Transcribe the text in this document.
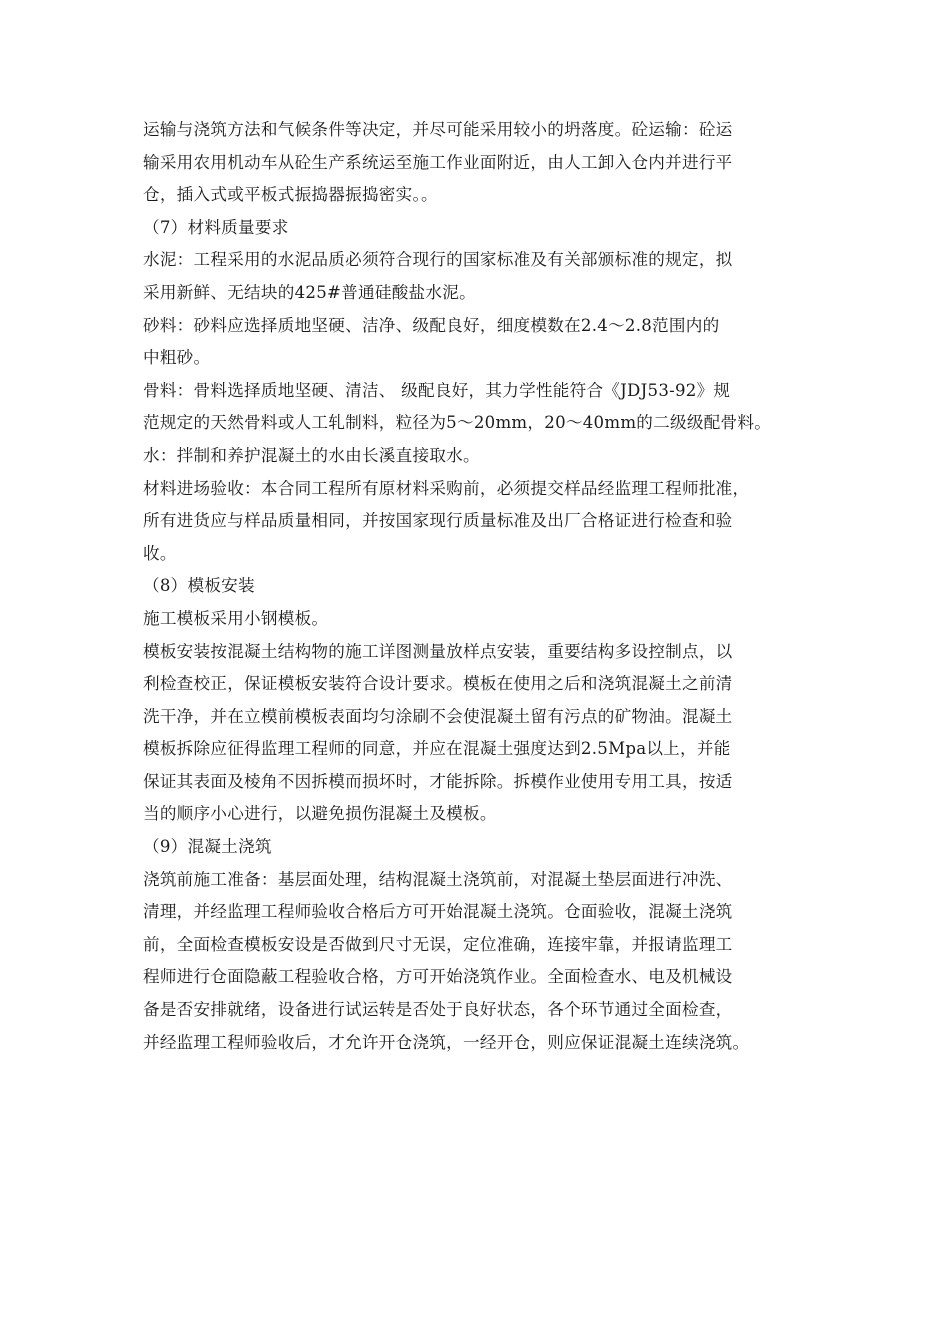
运输与浇筑方法和气候条件等决定，并尽可能采用较小的坍落度。砼运输：砼运
输采用农用机动车从砼生产系统运至施工作业面附近，由人工卸入仓内并进行平
仓，插入式或平板式振捣器振捣密实。。
（7）材料质量要求
水泥：工程采用的水泥品质必须符合现行的国家标准及有关部颁标准的规定，拟
采用新鲜、无结块的425#普通硅酸盐水泥。
砂料：砂料应选择质地坚硬、洁净、级配良好，细度模数在2.4～2.8范围内的
中粗砂。
骨料：骨料选择质地坚硬、清洁、 级配良好，其力学性能符合《JDJ53-92》规
范规定的天然骨料或人工轧制料，粒径为5～20mm，20～40mm的二级级配骨料。
水：拌制和养护混凝土的水由长溪直接取水。
材料进场验收：本合同工程所有原材料采购前，必须提交样品经监理工程师批准，
所有进货应与样品质量相同，并按国家现行质量标准及出厂合格证进行检查和验
收。
（8）模板安装
施工模板采用小钢模板。
模板安装按混凝土结构物的施工详图测量放样点安装，重要结构多设控制点，以
利检查校正，保证模板安装符合设计要求。模板在使用之后和浇筑混凝土之前清
洗干净，并在立模前模板表面均匀涂刷不会使混凝土留有污点的矿物油。混凝土
模板拆除应征得监理工程师的同意，并应在混凝土强度达到2.5Mpa以上，并能
保证其表面及棱角不因拆模而损坏时，才能拆除。拆模作业使用专用工具，按适
当的顺序小心进行，以避免损伤混凝土及模板。
（9）混凝土浇筑
浇筑前施工准备：基层面处理，结构混凝土浇筑前，对混凝土垫层面进行冲洗、
清理，并经监理工程师验收合格后方可开始混凝土浇筑。仓面验收，混凝土浇筑
前，全面检查模板安设是否做到尺寸无误，定位准确，连接牢靠，并报请监理工
程师进行仓面隐蔽工程验收合格，方可开始浇筑作业。全面检查水、电及机械设
备是否安排就绪，设备进行试运转是否处于良好状态，各个环节通过全面检查，
并经监理工程师验收后，才允许开仓浇筑，一经开仓，则应保证混凝土连续浇筑。
